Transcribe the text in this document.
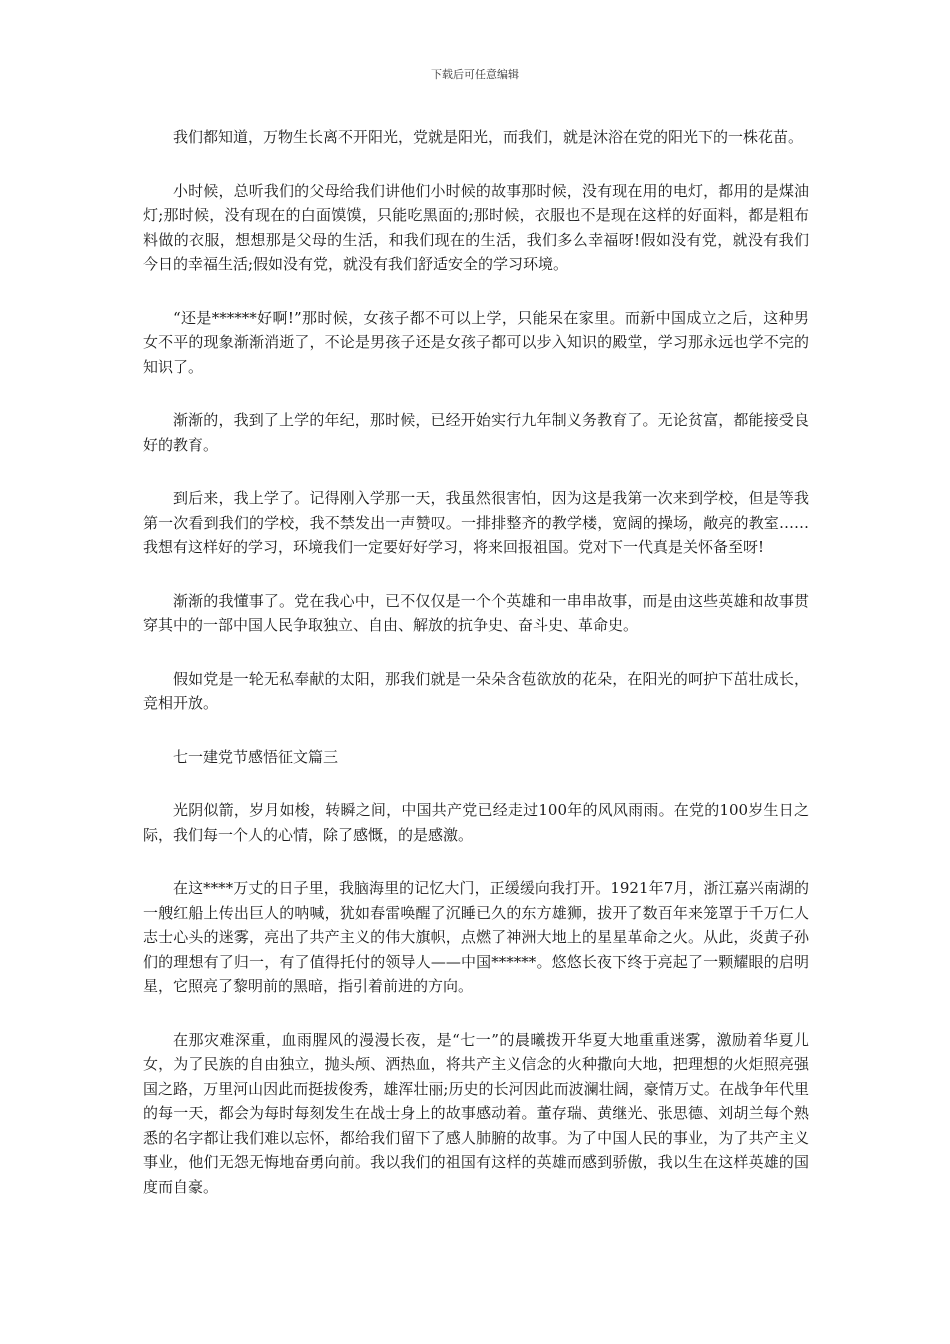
下载后可任意编辑

我们都知道，万物生长离不开阳光，党就是阳光，而我们，就是沐浴在党的阳光下的一株花苗。

小时候，总听我们的父母给我们讲他们小时候的故事那时候，没有现在用的电灯，都用的是煤油灯;那时候，没有现在的白面馍馍，只能吃黑面的;那时候，衣服也不是现在这样的好面料，都是粗布料做的衣服，想想那是父母的生活，和我们现在的生活，我们多么幸福呀!假如没有党，就没有我们今日的幸福生活;假如没有党，就没有我们舒适安全的学习环境。

“还是******好啊!”那时候，女孩子都不可以上学，只能呆在家里。而新中国成立之后，这种男女不平的现象渐渐消逝了，不论是男孩子还是女孩子都可以步入知识的殿堂，学习那永远也学不完的知识了。

渐渐的，我到了上学的年纪，那时候，已经开始实行九年制义务教育了。无论贫富，都能接受良好的教育。

到后来，我上学了。记得刚入学那一天，我虽然很害怕，因为这是我第一次来到学校，但是等我第一次看到我们的学校，我不禁发出一声赞叹。一排排整齐的教学楼，宽阔的操场，敞亮的教室……我想有这样好的学习，环境我们一定要好好学习，将来回报祖国。党对下一代真是关怀备至呀!

渐渐的我懂事了。党在我心中，已不仅仅是一个个英雄和一串串故事，而是由这些英雄和故事贯穿其中的一部中国人民争取独立、自由、解放的抗争史、奋斗史、革命史。

假如党是一轮无私奉献的太阳，那我们就是一朵朵含苞欲放的花朵，在阳光的呵护下茁壮成长，竞相开放。

七一建党节感悟征文篇三

光阴似箭，岁月如梭，转瞬之间，中国共产党已经走过100年的风风雨雨。在党的100岁生日之际，我们每一个人的心情，除了感慨，的是感激。

在这****万丈的日子里，我脑海里的记忆大门，正缓缓向我打开。1921年7月，浙江嘉兴南湖的一艘红船上传出巨人的呐喊，犹如春雷唤醒了沉睡已久的东方雄狮，拔开了数百年来笼罩于千万仁人志士心头的迷雾，亮出了共产主义的伟大旗帜，点燃了神洲大地上的星星革命之火。从此，炎黄子孙们的理想有了归一，有了值得托付的领导人——中国******。悠悠长夜下终于亮起了一颗耀眼的启明星，它照亮了黎明前的黑暗，指引着前进的方向。

在那灾难深重，血雨腥风的漫漫长夜，是“七一”的晨曦拨开华夏大地重重迷雾，激励着华夏儿女，为了民族的自由独立，抛头颅、洒热血，将共产主义信念的火种撒向大地，把理想的火炬照亮强国之路，万里河山因此而挺拔俊秀，雄浑壮丽;历史的长河因此而波澜壮阔，豪情万丈。在战争年代里的每一天，都会为每时每刻发生在战士身上的故事感动着。董存瑞、黄继光、张思德、刘胡兰每个熟悉的名字都让我们难以忘怀，都给我们留下了感人肺腑的故事。为了中国人民的事业，为了共产主义事业，他们无怨无悔地奋勇向前。我以我们的祖国有这样的英雄而感到骄傲，我以生在这样英雄的国度而自豪。
